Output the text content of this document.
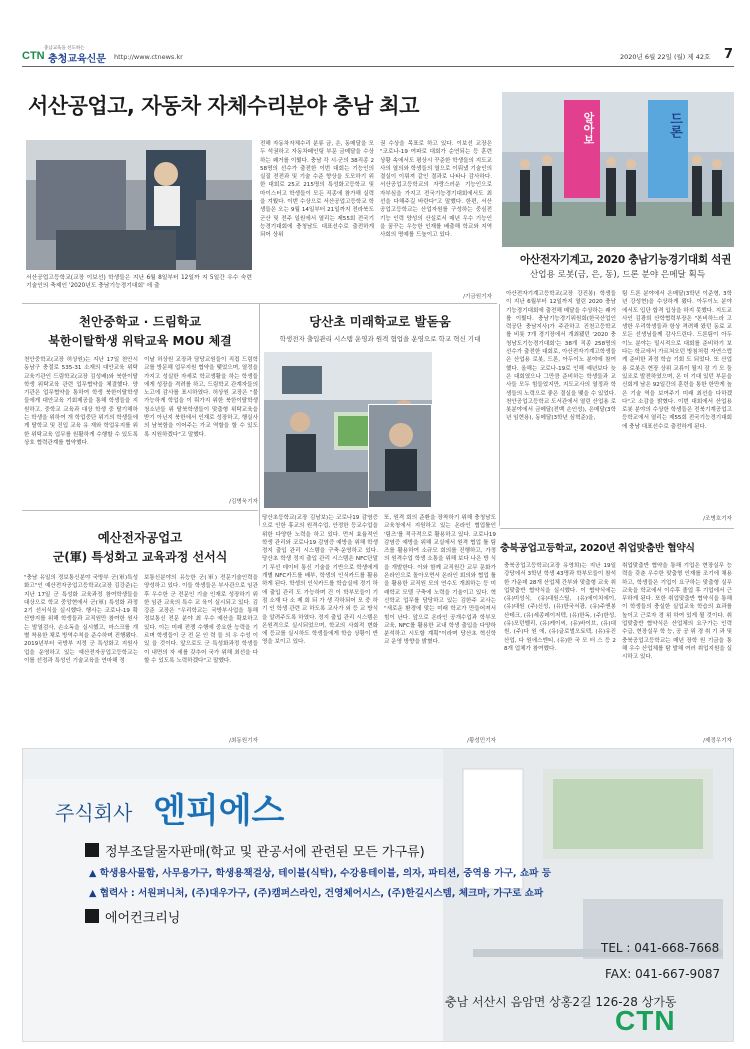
충남교육을 선도하는
CTN 충청교육신문 http://www.ctnews.kr	2020년 6월 22일 (월) 제 42호 7
서산공업고, 자동차 자체수리분야 충남 최고
서산공업고등학교(교장 이보선) 학생들은 지난 6월 8일부터 12일까 지 5일간 우수 숙련기술인의 축제인 '2020년도 충남기능경기대회' 에 출
전해 자동차자체수리 분류 금, 은, 동메달을 모두 석권하고 자동차페인팅 부문 금메달을 수상하는 쾌거를 이뤘다. 충남 각 시·군의 38직종 258명의 선수가 출전한 이번 대회는 기능인의 실질 전전과 및 기술 수준 향상을 도모하기 위한 대회로 25교 215명의 특성화고등학교 및 마이스터고 학생들이 모든 직종에 참가해 실력을 겨뤘다. 이번 수상으로 서산공업고등학교 학생들은 오는 9월 14일부터 21일까지 전라북도 군산 및 전주 일원에서 열리는 제55회 전국기능경기대회에 충청남도 대표선수로 출전하게 되어 상위
권 수상을 목표로 하고 있다. 이보선 교장은 "코로나-19 여파로 대회가 순연되는 등 훈련 상황 속에서도 평상시 꾸준한 학생들의 지도교사의 열의와 학생들의 열으로 이뤄냈 기술인의 결실이 이뤄져 같인 결과로 나타나 감사하다. 서산공업고등학교의 자랑스러운 기능인으로 자부심을 가지고 전국기능경기대회에서도 최선을 다해주길 바란다"고 말했다. 한편, 서산공업고등학교는 산업자원를 구성하는 중심전 기능 인력 양성의 산실로서 매년 우수 기능인을 꿈꾸는 우능한 인재를 배출해 학교와 지역사회의 명예를 드높이고 있다.
/기금원기자
알아보	드론
아산전자기계고, 2020 충남기능경기대회 석권
산업용 로봇(금, 은, 동), 드론 분야 은메달 획득
아산전자기계고등학교(교장 강진봉) 학생들이 지난 6월부터 12일까지 열린 2020 충남기능경기대회에 출전해 메달을 수상하는 쾌거를 이뤘다. 충남기능경기위원회(한국산업인력공단 충남지사)가 주관하고 진천고등학교를 비롯 7개 경기장에서 개최됐던 '2020 충청남도기능경기대회'는 38개 직종 258명의 선수가 출전한 대회로, 아산전자기계고학생들은 산업용 로봇, 드론, 아두이노 분야에 참여했다. 올해는 코로나-19로 인해 예년보다 늦은 대회였으나 그만큼 준비하는 학생들과 교사들 모두 힘들었지만, 지도교사의 열정과 학생들의 노력으로 좋은 결실을 맺을 수 있었다. 천안공업고등학교 도서관에서 열린 산업용 로봇분야에서 금메달(전백 손인성), 은메달(3학년 임현용), 동메달(3학년 심혁준)을,
팀 드론 분야에서 은메달(3학년 이준형, 3학년 강성현)을 수상하게 됐다. 아두이노 분야에서도 입단 합격 입상을 하지 못했다. 지도교사인 김광희 산학협력부장은 "본비하느라 고생한 우리학생들과 항상 격려해 왔던 동료 교 모든 선생님들께 감사드린다. 드론팀이 아두이노 분야는 밀시적으로 대회를 준비하기 보다는 학교에서 가르쳐오던 방침처럼 자연스럽게 준비한 과정 학습 기회 도 되었다. 또 산업용 로봇은 현장 상위 교류이 될지 잠 기 모 둠 있조로 발전하였으며, 온 더 기대 있던 부문을 신회게 남은 92일간의 훈련을 통한 한만게 높은 기술 역을 보여주기 미래 최선을 다하겠다"고 소감을 밝혔다. 이번 대회에서 산업용 로봇 분야의 수상한 학생들은 전북기계공업고등학교에서 열리는 제55회 전국기능경기대회에 충남 대표선수로 출전하게 된다.
/조병호기자
천안중학교 · 드림학교
북한이탈학생 위탁교육 MOU 체결
천안중학교(교장 허상원)는 지난 17일 천안시 동남구 충절로 535-31 소재의 대안교육 위탁교육기관인 드림학교(교장 김성배)와 북한이탈학생 위탁교육 관련 업무협약을 체결했다. 양 기관은 업무협약을 통하여 학생 북한이탈학생들에게 대안교육 기회제공을 통해 학생들을 지원하고, 중학교 교육과 대상 학생 중 탈기해하는 학생을 위하여 개 학업중단 위기의 학생들에게 탈학교 및 진입 교육 유 재와 학업유지를 위한 위탁교육 업무를 원활하게 수행할 수 있도록 상호 협력관계를 협약했다.
이날 허상원 교장과 담당교원들이 직접 드림학교를 방문해 업무지원 협약을 맺었으며, 열정을 가지고 성실한 자세로 학교생활을 하는 학생들에게 성장을 격려를 하고, 드림학교 관계자들의 노고에 감사를 표시하였다. 허상원 교장은 "불가능하게 학업을 이 뤄가지 위한 북한이탈학생청소년들 위 탈북학생들이 맞춤형 위탁교육을 받기 아닌지 북한에서 인재로 성장하고, 행실사의 남북함을 이어주는 가교 역할을 할 수 있도록 지원하겠다"고 말했다.
/김병욱기자
당산초 미래학교로 발돋움
학생전자 출입관리 시스템 운영과 원격 협업을 운영으로 학교 혁신 기대
당산초등학교(교장 김남보)는 코로나19 감염증으로 인한 휴교의 원격수업, 안정한 등교수업을 위한 다양한 노력을 하고 있다. 먼저 효율적인 학생 관리와 코로나19 감염증 예방을 위해 학생 정지 출입 관리 시스템을 구축·운영하고 있다. 당산초 학생 정지 출입 관리 시스템은 NFC단말기 무선 데이터 통신 기술을 기반으로 학생에게 개별 NFC카드를 배부, 학생의 인식카드를 활용하게 된다. 학생의 인식카드를 학습실에 경기 하에 출입 관리 도 가능하며 건 이 학부모들이 기 점 소재 다 소 제 회 되 가 생 각하되어 모 중 하기 인 학생 관련 교 하도록 교사가 외 등 교 방식을 알려주도록 하였다. 정지 출입 관리 시스템은 온원격으로 실시되었으며, 학교의 사회적 변화에 등교를 실시하도 학생들에게 학습 상황이 반영을 보이고 있다.
또, 원격 회의 준환을 장착하기 위해 충청남도교육청에서 지원하고 있는 온라인 협업툴인 '팀즈'를 적극적으로 활용하고 있다. 코로나19 감염증 예방을 위해 교실에서 원격 협업 툴 팀즈를 활용하여 소규모 회의를 진행하고, 가정의 원격수업 학생 소통을 위해 보다 나은 방 식을 개발한다. 이와 함께 교직원간 교무 문화가 온라인으로 돌아오면서 온라인 회의와 협업 툴을 활용한 교직원 모의 연수도 개최하는 등 미래학교 모델 구축에 노력을 기울이고 있다. 혁신학교 업무를 담당하고 있는 김한주 교사는 "새로운 환경에 맞는 미래 학교가 만들어져서 힘이 난다. 앞으로 온라인 공개수업과 학부모 교육, NFC를 활용한 교내 학생 출입을 다양하 분석하고 시도할 계획"이라며 당산초 혁신학교 운영 방향을 밝혔다.
/황성민기자
예산전자공업고
군(軍) 특성화고 교육과정 선서식
"충남 유일의 정보통신분야 국방부 군(軍)특성화고"인 예산전자공업고등학교(교장 김강준)는 지난 17일 군 특성화 교육과정 참여학생들을 대상으로 학교 중앙현에서 군(軍) 특성화 과정 2기 선서식을 실시했다. 행사는 코로나-19 확산방지를 위해 학생들과 교직원만 참여한 원사는 발열검사, 손소독을 실시했고, 마스크를 개별 착용한 채로 방역수칙을 준수하며 진행됐다. 2019년부터 국방부 지정 군 특성화고 지원사업을 운영하고 있는 예산전자공업고등학교는 이를 선정과 특성인 기술교육을 연마해 정
보통신분야의 유능한 군(軍) 전문기술인력을 양성하고 있다. 이들 학생들은 부사관으로 임관 후 우수한 군 전문인 기술 인재로 성장하기 위한 임관 교육의 특수 교 육이 실시되고 있다. 김강준 교장은 "우리학교는 국방부사업을 통해 정보통신 전문 분야 최 우수 예산을 확보하고 있다. 이는 미래 전쟁 수행에 중요한 능력을 기르며 학생들이 군 전 문 인 력 들 의 우 수성 이 있 을 것이다. 앞으로도 군 특성화과정 학생들이 내면의 자 세를 갖추어 국가 위해 최선을 다할 수 있도록 노력하겠다"고 말했다.
/최동원기자
충북공업고등학교, 2020년 취업맞춤반 협약식
충북공업고등학교(교장 유영희)는 지난 19일 강당에서 3학년 학생 43명과 학부모들이 참석한 가운데 28개 산업체 간부와 맞춤형 교육 취업맞춤반 협약식을 실시했다. 이 협약식에는 (유)미성식, (유)대원스틸, (유)에이치에이, (유)대원 (주)신성, (유)한국서광, (유)주앤봉산테크, (유)세종레이저텍, (유)한독, (주)한성, (유)모던벨리, (유)케이씨, (유)바이브, (유)대원, (주)다 원 에, (유)글로벌오토텍, (유)유진산업, 다 원에스엔티, (유)한 국 모 터 스 등 28개 업체가 참여했다.
취업맞춤반 협약을 통해 기업은 현장실무 능력을 갖춘 우수한 맞춤형 인재를 조기에 채용하고, 학생들은 기업이 요구하는 맞춤형 실무교육을 학교에서 이수후 졸업 후 기업에서 근무하게 된다. 또한 취업맞춤반 협약식을 통해 이 학생들의 충실한 실업교육 학습의 효과를 높이고 근로자 경 위 하여 있게 될 것이다. 취업맞춤반 협약식은 산업체의 요구가는 인력 수급, 현장실무 학 능, 공 공 위 경 취 기 과 및 충북공업고등학교는 매년 장학 원 기금을 통해 우수 산업체를 탐 발해 여러 취업지원을 실시하고 있다.
/제정우기자
주식회사 엔피에스
정부조달물자판매(학교 및 관공서에 관련된 모든 가구류)
▲ 학생용사물함, 사무용가구, 학생용책걸상, 테이블(식탁), 수강용테이블, 의자, 파티션, 중역용 가구, 쇼파 등
▲ 협력사 : 서원퍼니처, (주)대우가구, (주)캠퍼스라인, 건영체어시스, (주)한길시스템, 체크마, 가구로 쇼파
에어컨크리닝
TEL : 041-668-7668
FAX: 041-667-9087
충남 서산시 음암면 상홍2길 126-28 상가동
CTN
